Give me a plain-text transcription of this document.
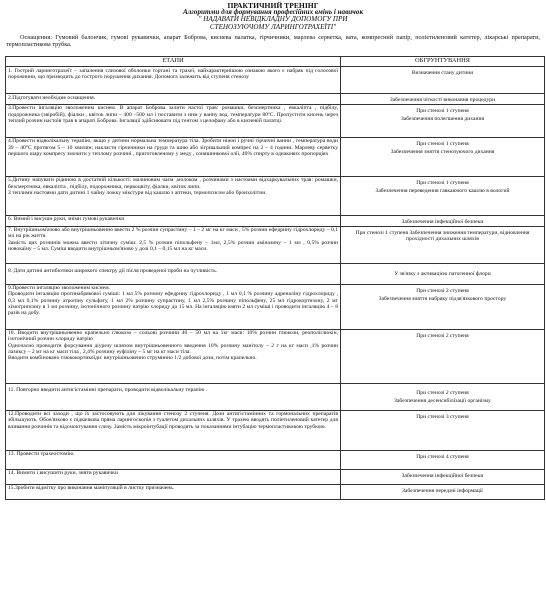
ПРАКТИЧНИЙ ТРЕНІНГ
Алгоритми для формування професійних вмінь і навичок
" НАДАВАТИ НЕВІДКЛАДНУ ДОПОМОГУ ПРИ
СТЕНОЗУЮЧОМУ ЛАРИНГОТРАХЕЇТІ"
Оснащення: Гумовий балончик, гумові рукавички, апарат Боброва, киснева палатка, гірчичники, марлева серветка, вата, компресний папір, поліетиленовий катетер, лікарські препарати, термопластикова трубка.
ЕТАПИ	ОБГРУНТУВАННЯ

1. Гострий ларинготрахеїт – запалення слизової оболонки гортані та трахеї, найхарактернішою ознакою якого є набряк під голосової порожнини, що призводить до гострого порушення дихання. Допомога залежить від ступеня стенозу	Визначення стану дитини

2.Підготувати необхідне оснащення.	Забезпечення чіткості виконання процедури

3.Провести інгаляцію зволоженим киснем. В апарат Боброва залити настої трав: ромашки, безсмертника , евкаліпта , підбілу, подорожника (звіробій), фіалки , квіток липи – 400 –500 мл і поставити з ним у ванну вод. температури 80ºС. Пропустити кисень через теплий розчин настоїв трав в апараті Боброва. Інгаляції здійснювати під тентом з целофану або в кисневій палатці.	При стенозі 1 ступеня
Забезпечення полегшення дихання

4.Провести відволікальну терапію, якщо у дитини нормальна температура тіла. Зробити ніжні і ручні гірчичні ванни , температура води 39 – 40°С протягом 5 – 10 хвилин; накласти гірчичники на груди та шию або зігрівальний компрес на 2 – 4 години. Марлеву серветку першого шару компресу змочити у теплому розчині , приготовленому у меду , соняшникової олії, 40% спирту в однакових пропорціях	При стенозі 1 ступеня
Забезпечення зняття стенозуючого дихання

5.Дитину напувати рідиною в достатній кількості: малиновим чаєм ,молоком , розчинами з настоями відхаркувальних трав: ромашки, безсмертника, евкаліпта , підбілу, подорожника, первоцвіту, фіалки, квіток липи.
З теплими настоями дати дитині 1 чайну ложку мікстури від кашлю з аптеки, термопсисом або бронхолітин.	При стенозі 1 ступеня
Забезпечення переведення гавкаючого кашлю в вологий

6. Вимий і висуши руки, зніми гумові рукавички	Забезпечення інфекційної безпеки

7. Внутрішньом'язово або внутрішньовенно ввести 2 % розчин супрастину – 1 – 2 мг на кг маси , 5% розчин ефедрину гідрохлориду – 0,1 мл на рік життя.
Замість цих розчинів можна ввести літичну суміш: 2,5 % розчин піпольфену – 1мл, 2,5% розчин аміназину – 1 мл , 0,5% розчин новокаїну – 5 мл. Суміш вводити внутрішньом'язово у дозі 0,1 – 0,15 мл на кг маси.	При стенозі 1 ступеня Забезпечення зниження температури, відновлення прохідності дихальних шляхів

8. Дати дитині антибіотики широкого спектру дії після проведеної проби на чутливість.	У зв'язку з активацією патогенної флори

9.Провести інгаляцію зволоженим киснем.
Проводити інгаляцію протинабрякової сумішi: 1 мл 5% розчину ефедрину гідрохлориду , 1 мл 0,1 % розчину адреналіну гідрохлориду , 0,3 мл 0,1% розчину атропіну сульфату, 1 мл 2% розчину супрастину, 1 мл 2,5% розчину піпольфену, 25 мл гідрокортизону, 2 мг хімотрипсину в 1 мл розчину, ізотонічного розчину натрію хлориду до 15 мл. На інгаляцію взяти 2 мл суміші і проводити інгаляцію 4 – 8 разів на добу.	При стенозі 2 ступеня
Забезпечення зняття набряку підзв'язкового простору

10. Вводити внутрішньовенно крапельно глюкозо – сольові розчини 40 – 50 мл на 1кг маси: 10% розчин глюкози, реополіглюкін, ізотонічний розчин хлориду натрію
Одночасно проводити форсування діурезу шляхом внутрішньовенного введення 10% розчину манітолу – 2 г на кг маси ,1% розчин лазиксу – 2 мг на кг маси тіла , 2,4% розчину еуфіліну – 5 мг на кг маси тіла.
Вводити комбіновано глюкокортикоїди: внутрішньовенно струминно 1/2 добової дози, потім крапельно.	При стенозі 2 ступеня

11. Повторно вводити антигістамінні препарати, проводити відволікальну терапію .	При стенозі 2 ступеня
Забезпечення десенсибілізації організму

12.Проводити всі заходи , що їх застосовують для лікування стенозу 2 ступеня. Дози антигістамінних та гормональних препаратів збільшують. Обов'язково є підкачкова пряма ларингоскопія з туалетом дихальних шляхів. У трахею вводять поліетиленовий катетер для вливання розчинів та відсмоктування слизу. Замість мікроінтубації проводять за показаннями інтубацію термопластиковою трубкою.	При стенозі 3 ступеня

13. Провести трахеостомію.	При стенозі 4 ступеня

14. Вимити і висушити руки, зняти рукавички	Забезпечення інфекційної безпеки

15.Зробити відмітку про виконання маніпуляцій в листку призначень.	Забезпечення передачі інформації
